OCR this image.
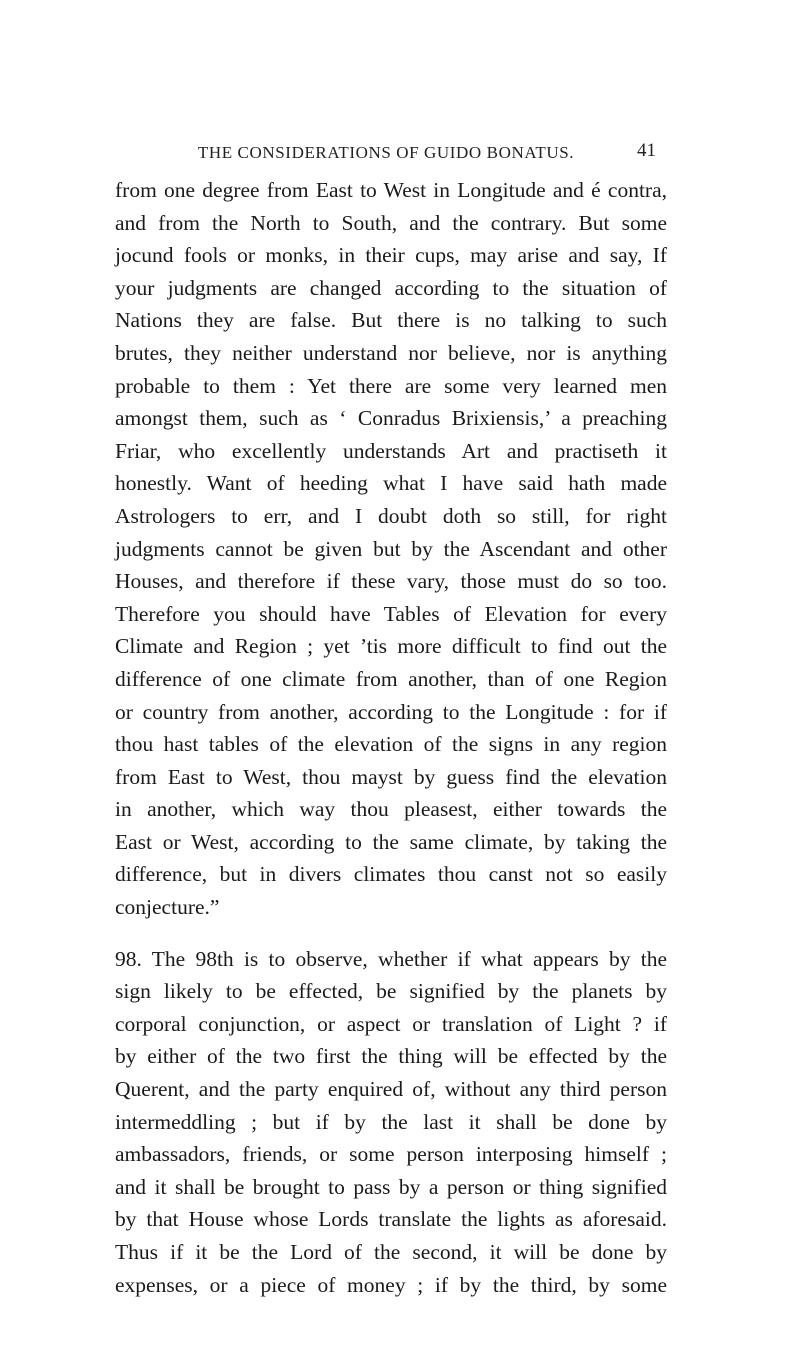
THE CONSIDERATIONS OF GUIDO BONATUS.	41
from one degree from East to West in Longitude and é contra,
and from the North to South, and the contrary. But some
jocund fools or monks, in their cups, may arise and say, If
your judgments are changed according to the situation of
Nations they are false. But there is no talking to such
brutes, they neither understand nor believe, nor is anything
probable to them : Yet there are some very learned men
amongst them, such as ‘ Conradus Brixiensis,’ a preaching
Friar, who excellently understands Art and practiseth it
honestly. Want of heeding what I have said hath made
Astrologers to err, and I doubt doth so still, for right
judgments cannot be given but by the Ascendant and other
Houses, and therefore if these vary, those must do so too.
Therefore you should have Tables of Elevation for every
Climate and Region ; yet ’tis more difficult to find out the
difference of one climate from another, than of one Region
or country from another, according to the Longitude : for if
thou hast tables of the elevation of the signs in any region
from East to West, thou mayst by guess find the elevation
in another, which way thou pleasest, either towards the
East or West, according to the same climate, by taking the
difference, but in divers climates thou canst not so easily
conjecture.”
98. The 98th is to observe, whether if what appears by the
sign likely to be effected, be signified by the planets by
corporal conjunction, or aspect or translation of Light ? if
by either of the two first the thing will be effected by the
Querent, and the party enquired of, without any third person
intermeddling ; but if by the last it shall be done by
ambassadors, friends, or some person interposing himself ;
and it shall be brought to pass by a person or thing signified
by that House whose Lords translate the lights as aforesaid.
Thus if it be the Lord of the second, it will be done by
expenses, or a piece of money ; if by the third, by some
